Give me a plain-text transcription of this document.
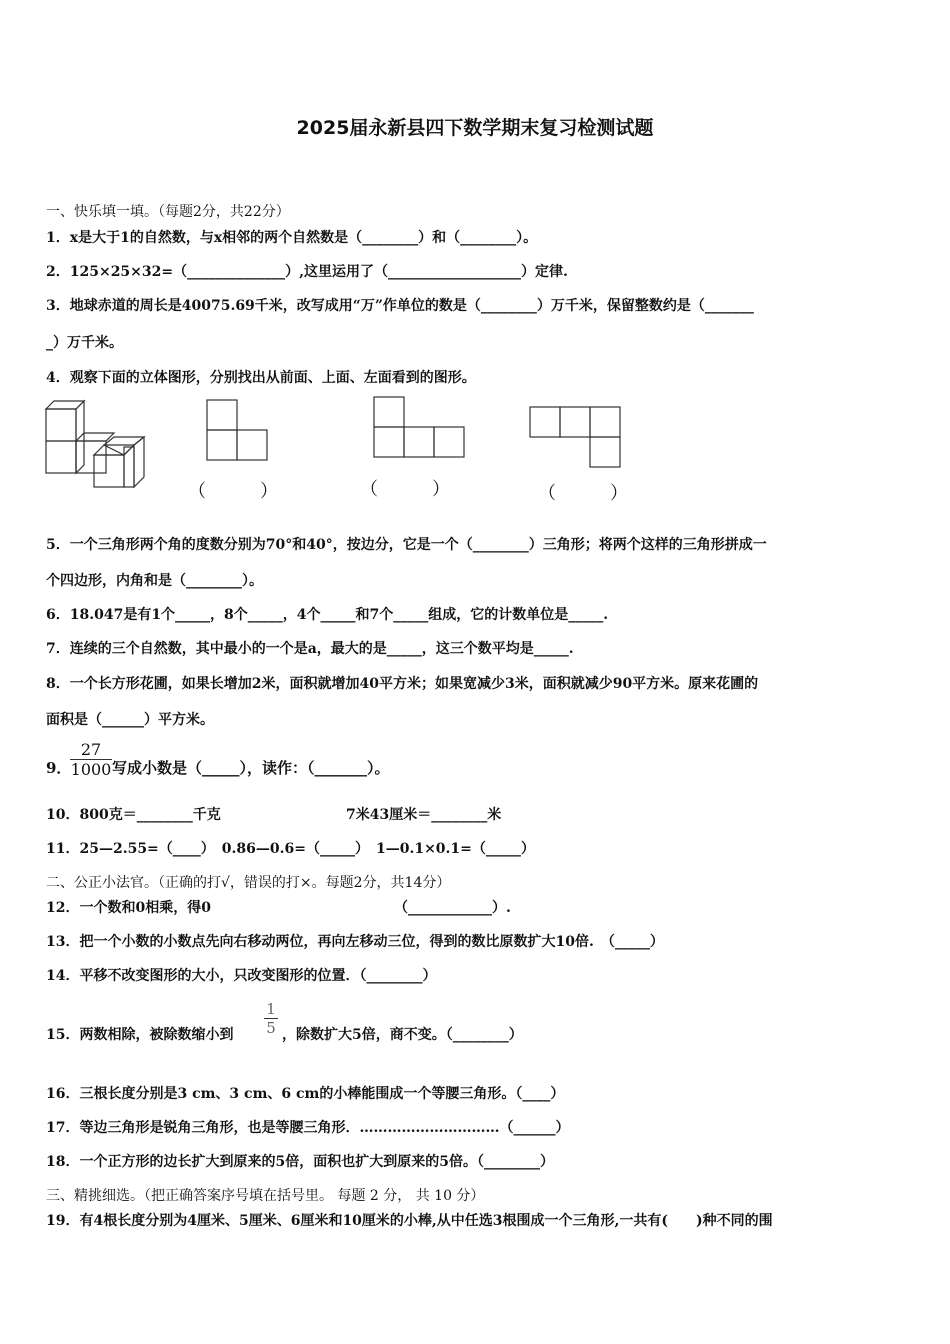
2025届永新县四下数学期末复习检测试题
一、快乐填一填。（每题2分，共22分）
1．x是大于1的自然数，与x相邻的两个自然数是（________）和（________）。
2．125×25×32=（______________）,这里运用了（___________________）定律.
3．地球赤道的周长是40075.69千米，改写成用“万”作单位的数是（________）万千米，保留整数约是（_______
_）万千米。
4．观察下面的立体图形，分别找出从前面、上面、左面看到的图形。
（　　　）	（　　　）	（　　　）
5．一个三角形两个角的度数分别为70°和40°，按边分，它是一个（________）三角形；将两个这样的三角形拼成一
个四边形，内角和是（________）。
6．18.047是有1个_____，8个_____，4个_____和7个_____组成，它的计数单位是_____.
7．连续的三个自然数，其中最小的一个是a，最大的是_____，这三个数平均是_____.
8．一个长方形花圃，如果长增加2米，面积就增加40平方米；如果宽减少3米，面积就减少90平方米。原来花圃的
面积是（______）平方米。
9．
$\frac{27}{1000}$ 写成小数是（_____），读作：（_______）。
10．800克＝________千克	7米43厘米＝________米
11．25—2.55=（____）　0.86—0.6=（_____）　1—0.1×0.1=（_____）
二、公正小法官。（正确的打√，错误的打×。每题2分，共14分）
12．一个数和0相乘，得0	（____________）.
13．把一个小数的小数点先向右移动两位，再向左移动三位，得到的数比原数扩大10倍.　（_____）
14．平移不改变图形的大小，只改变图形的位置．（________）
15．两数相除，被除数缩小到	$\frac{1}{5}$ ，除数扩大5倍，商不变。（________）
16．三根长度分别是3 cm、3 cm、6 cm的小棒能围成一个等腰三角形。（____）
17．等边三角形是锐角三角形，也是等腰三角形．…………………………（______）
18．一个正方形的边长扩大到原来的5倍，面积也扩大到原来的5倍。（________）
三、精挑细选。（把正确答案序号填在括号里。 每题 2 分， 共 10 分）
19．有4根长度分别为4厘米、5厘米、6厘米和10厘米的小棒,从中任选3根围成一个三角形,一共有(　　)种不同的围
